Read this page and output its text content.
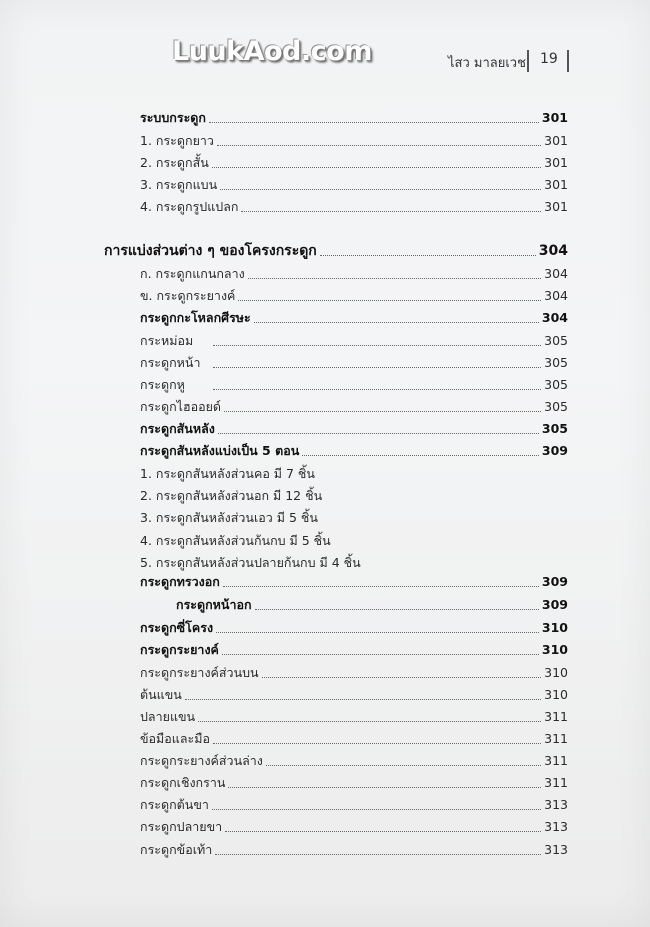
LuukAod.com	ไสว มาลยเวช 19
ระบบกระดูก	301
1. กระดูกยาว	301
2. กระดูกสั้น	301
3. กระดูกแบน	301
4. กระดูกรูปแปลก	301
การแบ่งส่วนต่าง ๆ ของโครงกระดูก	304
ก. กระดูกแกนกลาง	304
ข. กระดูกระยางค์	304
กระดูกกะโหลกศีรษะ	304
กระหม่อม	305
กระดูกหน้า	305
กระดูกหู	305
กระดูกไฮออยด์	305
กระดูกสันหลัง	305
กระดูกสันหลังแบ่งเป็น 5 ตอน	309
1. กระดูกสันหลังส่วนคอ มี 7 ชิ้น
2. กระดูกสันหลังส่วนอก มี 12 ชิ้น
3. กระดูกสันหลังส่วนเอว มี 5 ชิ้น
4. กระดูกสันหลังส่วนก้นกบ มี 5 ชิ้น
5. กระดูกสันหลังส่วนปลายก้นกบ มี 4 ชิ้น
กระดูกทรวงอก	309
กระดูกหน้าอก	309
กระดูกซี่โครง	310
กระดูกระยางค์	310
กระดูกระยางค์ส่วนบน	310
ต้นแขน	310
ปลายแขน	311
ข้อมือและมือ	311
กระดูกระยางค์ส่วนล่าง	311
กระดูกเชิงกราน	311
กระดูกต้นขา	313
กระดูกปลายขา	313
กระดูกข้อเท้า	313
